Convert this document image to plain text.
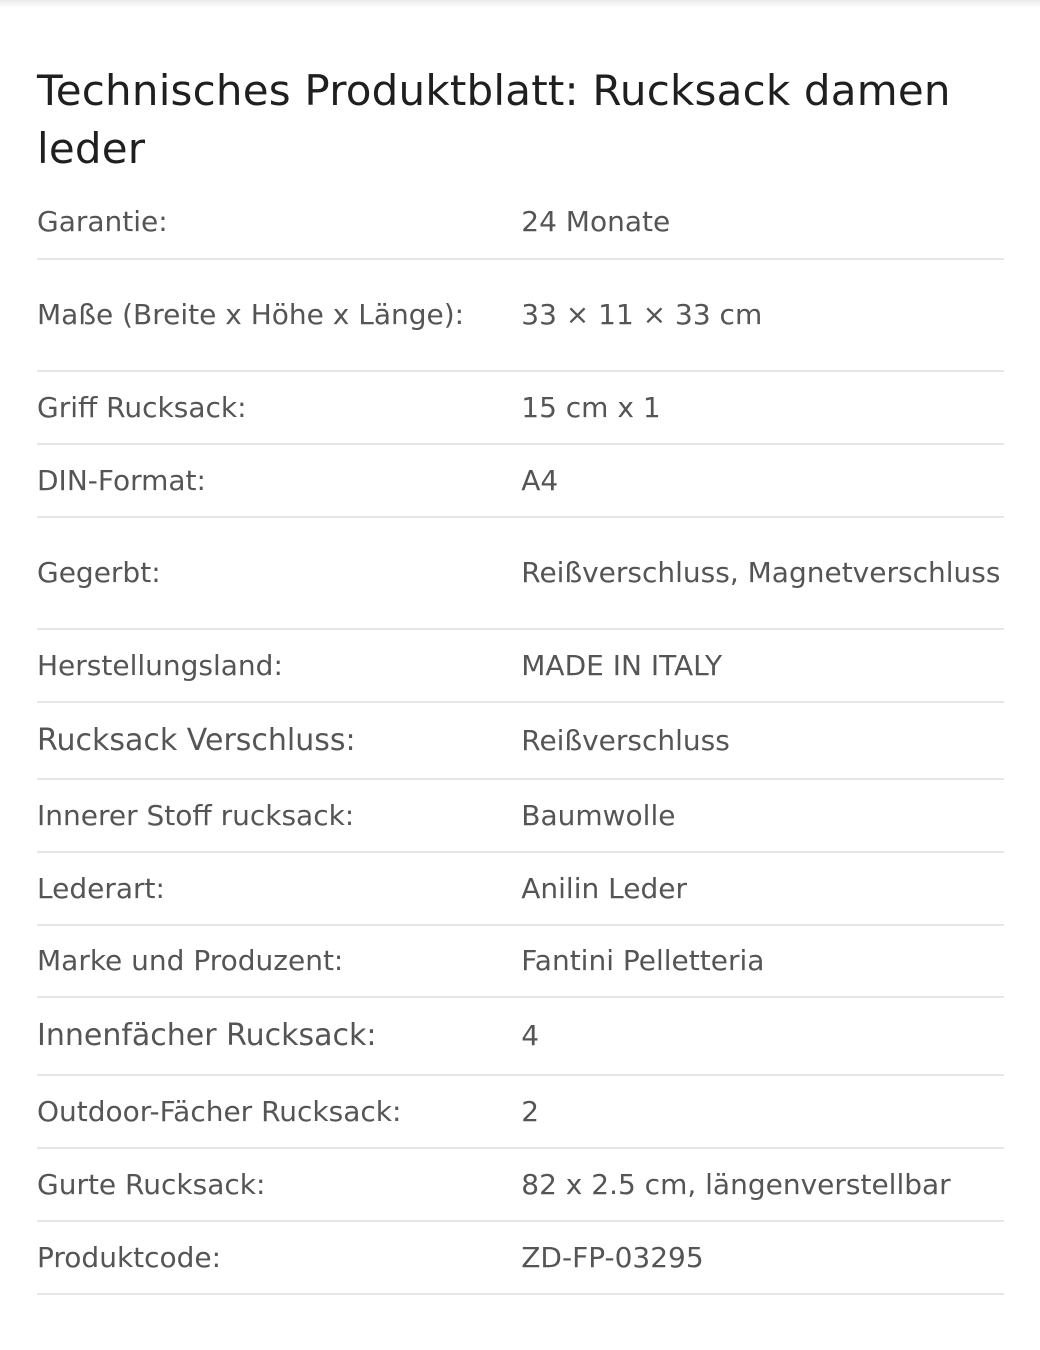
Technisches Produktblatt: Rucksack damen leder
Garantie:	24 Monate
Maße (Breite x Höhe x Länge):	33 × 11 × 33 cm
Griff Rucksack:	15 cm x 1
DIN-Format:	A4
Gegerbt:	Reißverschluss, Magnetverschluss
Herstellungsland:	MADE IN ITALY
Rucksack Verschluss:	Reißverschluss
Innerer Stoff rucksack:	Baumwolle
Lederart:	Anilin Leder
Marke und Produzent:	Fantini Pelletteria
Innenfächer Rucksack:	4
Outdoor-Fächer Rucksack:	2
Gurte Rucksack:	82 x 2.5 cm, längenverstellbar
Produktcode:	ZD-FP-03295
